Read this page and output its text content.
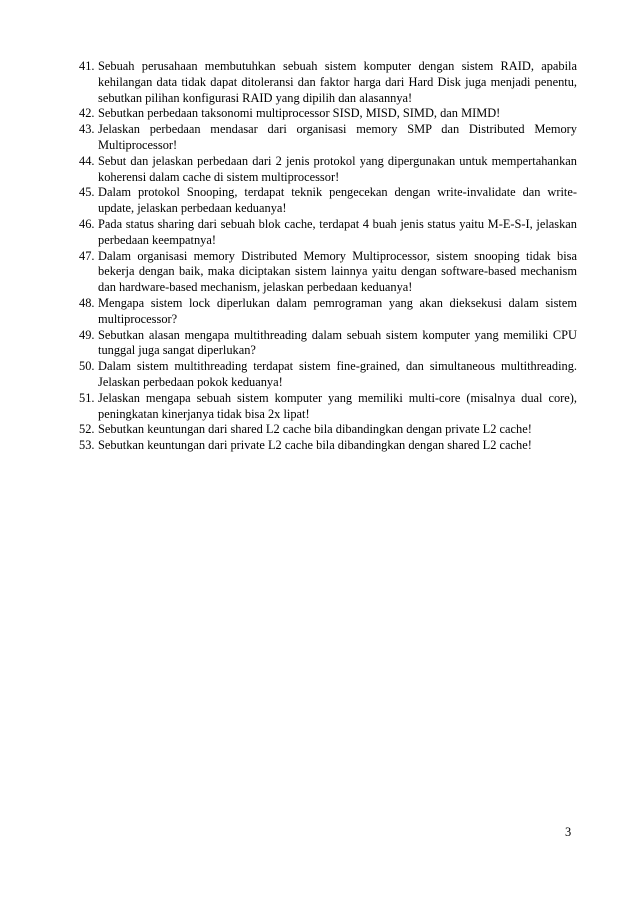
41. Sebuah perusahaan membutuhkan sebuah sistem komputer dengan sistem RAID, apabila kehilangan data tidak dapat ditoleransi dan faktor harga dari Hard Disk juga menjadi penentu, sebutkan pilihan konfigurasi RAID yang dipilih dan alasannya!
42. Sebutkan perbedaan taksonomi multiprocessor SISD, MISD, SIMD, dan MIMD!
43. Jelaskan perbedaan mendasar dari organisasi memory SMP dan Distributed Memory Multiprocessor!
44. Sebut dan jelaskan perbedaan dari 2 jenis protokol yang dipergunakan untuk mempertahankan koherensi dalam cache di sistem multiprocessor!
45. Dalam protokol Snooping, terdapat teknik pengecekan dengan write-invalidate dan write-update, jelaskan perbedaan keduanya!
46. Pada status sharing dari sebuah blok cache, terdapat 4 buah jenis status yaitu M-E-S-I, jelaskan perbedaan keempatnya!
47. Dalam organisasi memory Distributed Memory Multiprocessor, sistem snooping tidak bisa bekerja dengan baik, maka diciptakan sistem lainnya yaitu dengan software-based mechanism dan hardware-based mechanism, jelaskan perbedaan keduanya!
48. Mengapa sistem lock diperlukan dalam pemrograman yang akan dieksekusi dalam sistem multiprocessor?
49. Sebutkan alasan mengapa multithreading dalam sebuah sistem komputer yang memiliki CPU tunggal juga sangat diperlukan?
50. Dalam sistem multithreading terdapat sistem fine-grained, dan simultaneous multithreading. Jelaskan perbedaan pokok keduanya!
51. Jelaskan mengapa sebuah sistem komputer yang memiliki multi-core (misalnya dual core), peningkatan kinerjanya tidak bisa 2x lipat!
52. Sebutkan keuntungan dari shared L2 cache bila dibandingkan dengan private L2 cache!
53. Sebutkan keuntungan dari private L2 cache bila dibandingkan dengan shared L2 cache!
3
